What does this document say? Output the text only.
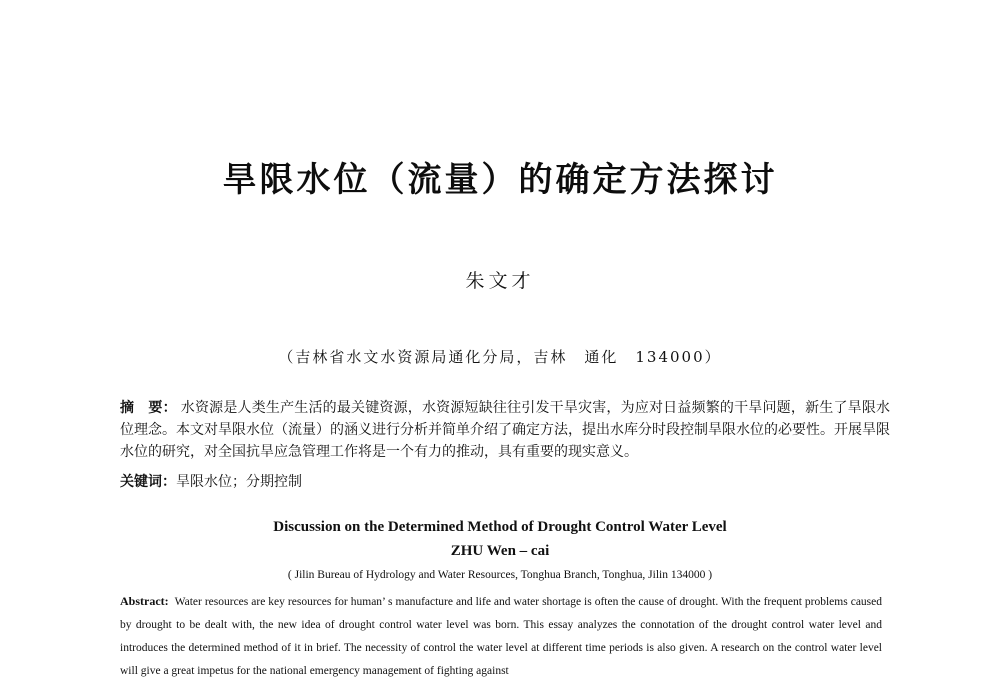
旱限水位（流量）的确定方法探讨
朱文才
（吉林省水文水资源局通化分局，吉林　通化　134000）
摘　要： 水资源是人类生产生活的最关键资源，水资源短缺往往引发干旱灾害，为应对日益频繁的干旱问题，新生了旱限水位理念。本文对旱限水位（流量）的涵义进行分析并简单介绍了确定方法，提出水库分时段控制旱限水位的必要性。开展旱限水位的研究，对全国抗旱应急管理工作将是一个有力的推动，具有重要的现实意义。
关键词：旱限水位；分期控制
Discussion on the Determined Method of Drought Control Water Level
ZHU Wen – cai
( Jilin Bureau of Hydrology and Water Resources, Tonghua Branch, Tonghua, Jilin 134000 )
Abstract: Water resources are key resources for human’ s manufacture and life and water shortage is often the cause of drought. With the frequent problems caused by drought to be dealt with, the new idea of drought control water level was born. This essay analyzes the connotation of the drought control water level and introduces the determined method of it in brief. The necessity of control the water level at different time periods is also given. A research on the control water level will give a great impetus for the national emergency management of fighting against
